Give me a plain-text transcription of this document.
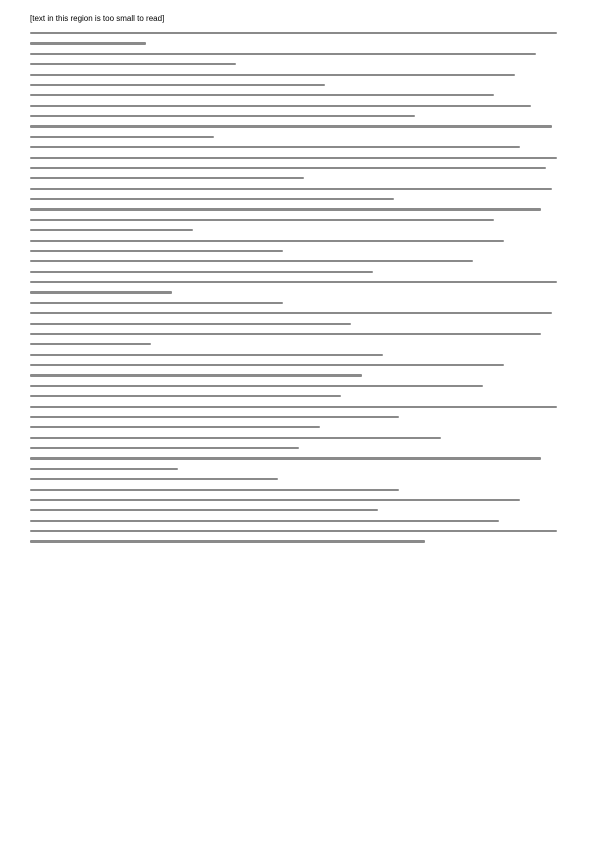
[text in this region is too small to read]
